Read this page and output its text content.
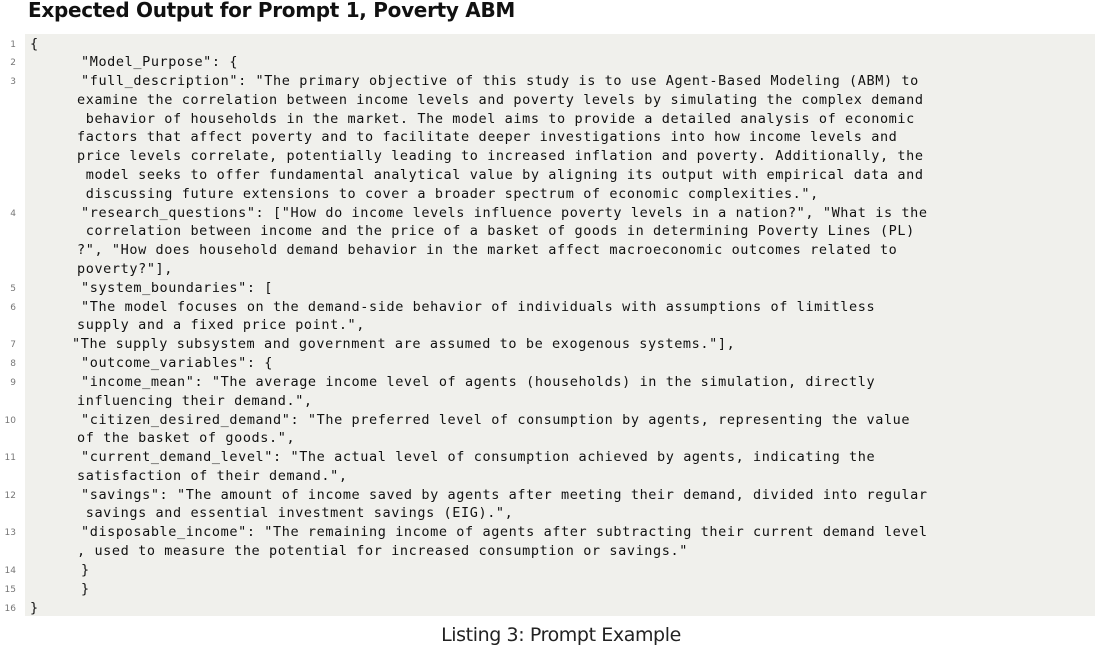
Expected Output for Prompt 1, Poverty ABM
1 {
2	"Model_Purpose": {
3	"full_description": "The primary objective of this study is to use Agent-Based Modeling (ABM) to
examine the correlation between income levels and poverty levels by simulating the complex demand
behavior of households in the market. The model aims to provide a detailed analysis of economic
factors that affect poverty and to facilitate deeper investigations into how income levels and
price levels correlate, potentially leading to increased inflation and poverty. Additionally, the
model seeks to offer fundamental analytical value by aligning its output with empirical data and
discussing future extensions to cover a broader spectrum of economic complexities.",
4	"research_questions": ["How do income levels influence poverty levels in a nation?", "What is the
correlation between income and the price of a basket of goods in determining Poverty Lines (PL)
?", "How does household demand behavior in the market affect macroeconomic outcomes related to
poverty?"],
5	"system_boundaries": [
6	"The model focuses on the demand-side behavior of individuals with assumptions of limitless
supply and a fixed price point.",
7	"The supply subsystem and government are assumed to be exogenous systems."],
8	"outcome_variables": {
9	"income_mean": "The average income level of agents (households) in the simulation, directly
influencing their demand.",
10	"citizen_desired_demand": "The preferred level of consumption by agents, representing the value
of the basket of goods.",
11	"current_demand_level": "The actual level of consumption achieved by agents, indicating the
satisfaction of their demand.",
12	"savings": "The amount of income saved by agents after meeting their demand, divided into regular
savings and essential investment savings (EIG).",
13	"disposable_income": "The remaining income of agents after subtracting their current demand level
, used to measure the potential for increased consumption or savings."
14	}
15	}
16 }
Listing 3: Prompt Example
